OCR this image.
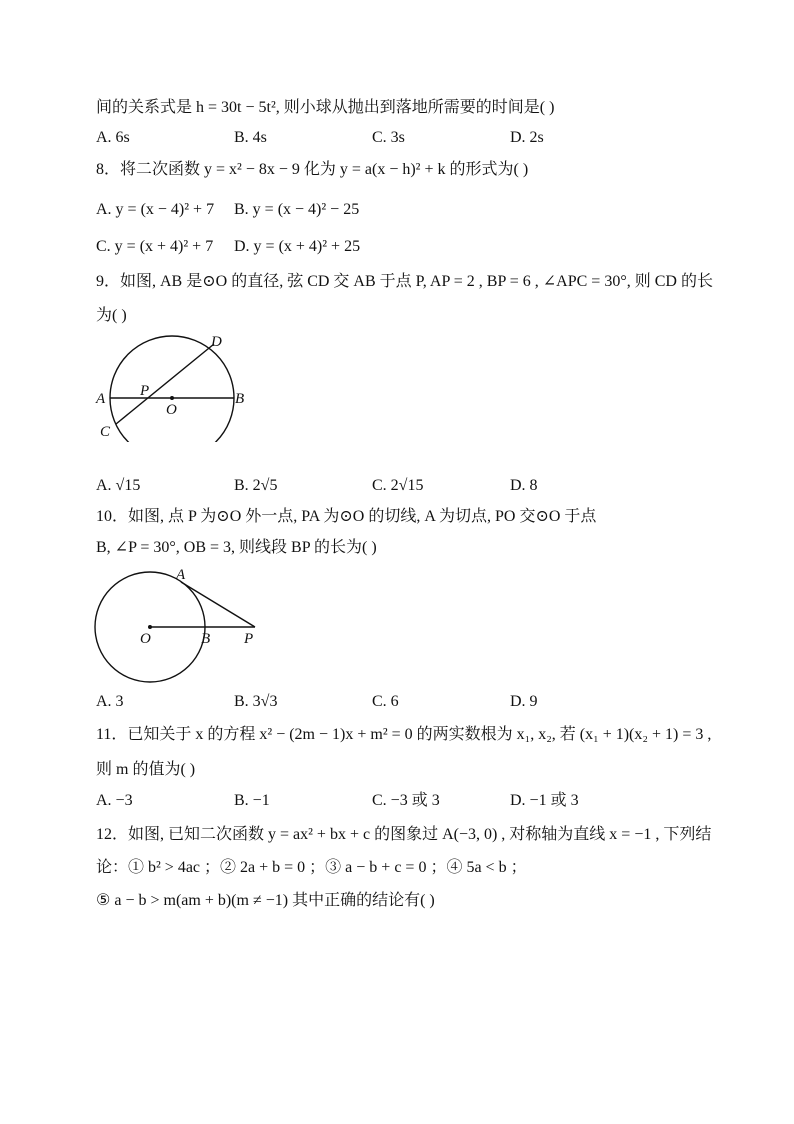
间的关系式是 h = 30t − 5t², 则小球从抛出到落地所需要的时间是( )
A. 6s	B. 4s	C. 3s	D. 2s
8．将二次函数 y = x² − 8x − 9 化为 y = a(x − h)² + k 的形式为( )
A. y = (x − 4)² + 7 B. y = (x − 4)² − 25
C. y = (x + 4)² + 7 D. y = (x + 4)² + 25
9．如图, AB 是⊙O 的直径, 弦 CD 交 AB 于点 P, AP = 2 , BP = 6 , ∠APC = 30°, 则 CD 的长
为( )
D
A P
O
B
C
A. √15	B. 2√5	C. 2√15	D. 8
10．如图, 点 P 为⊙O 外一点, PA 为⊙O 的切线, A 为切点, PO 交⊙O 于点
B, ∠P = 30°, OB = 3, 则线段 BP 的长为( )
A
O	B P
A. 3	B. 3√3	C. 6	D. 9
11．已知关于 x 的方程 x² − (2m − 1)x + m² = 0 的两实数根为 x₁, x₂, 若 (x₁ + 1)(x₂ + 1) = 3 ,
则 m 的值为( )
A. −3	B. −1	C. −3 或 3	D. −1 或 3
12．如图, 已知二次函数 y = ax² + bx + c 的图象过 A(−3, 0) , 对称轴为直线 x = −1 , 下列结
论：① b² > 4ac ；② 2a + b = 0 ；③ a − b + c = 0 ；④ 5a < b ；
⑤ a − b > m(am + b)(m ≠ −1) 其中正确的结论有( )
